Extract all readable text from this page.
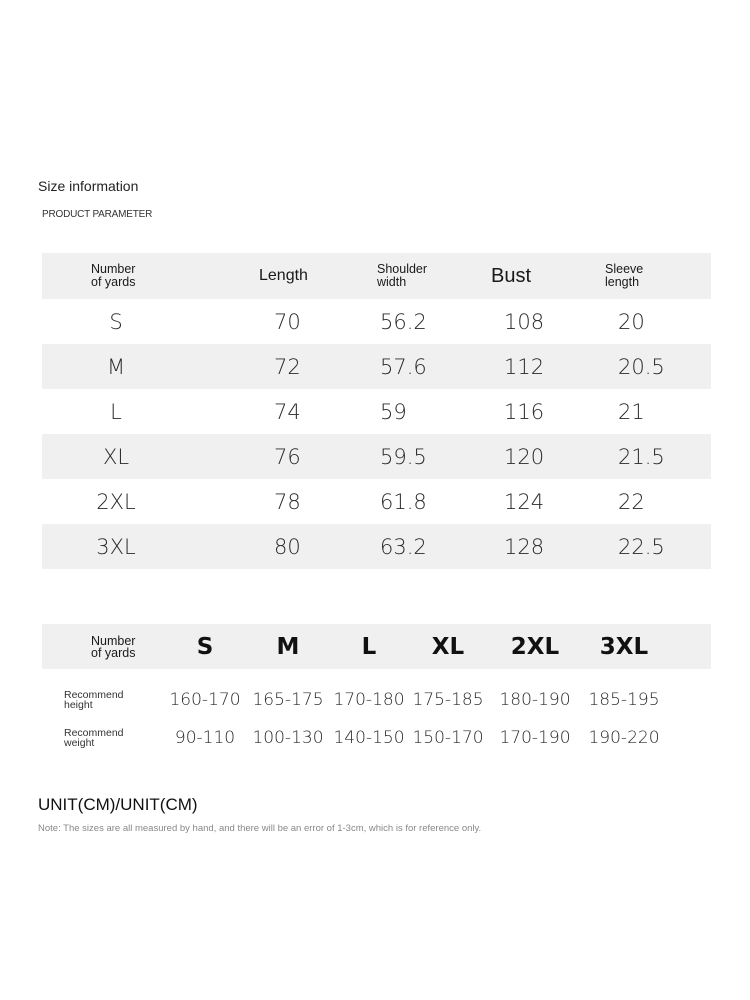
Size information
PRODUCT PARAMETER
Number
of yards	Length	Shoulder
width	Bust	Sleeve
length
S	70	56.2	108	20
M	72	57.6	112	20.5
L	74	59	116	21
XL	76	59.5	120	21.5
2XL	78	61.8	124	22
3XL	80	63.2	128	22.5
Number
of yards	S	M	L	XL	2XL	3XL
Recommend
height	160-170 165-175 170-180 175-185 180-190	185-195
Recommend
weight	90-110	100-130 140-150 150-170 170-190	190-220
UNIT(CM)/UNIT(CM)
Note: The sizes are all measured by hand, and there will be an error of 1-3cm, which is for reference only.
